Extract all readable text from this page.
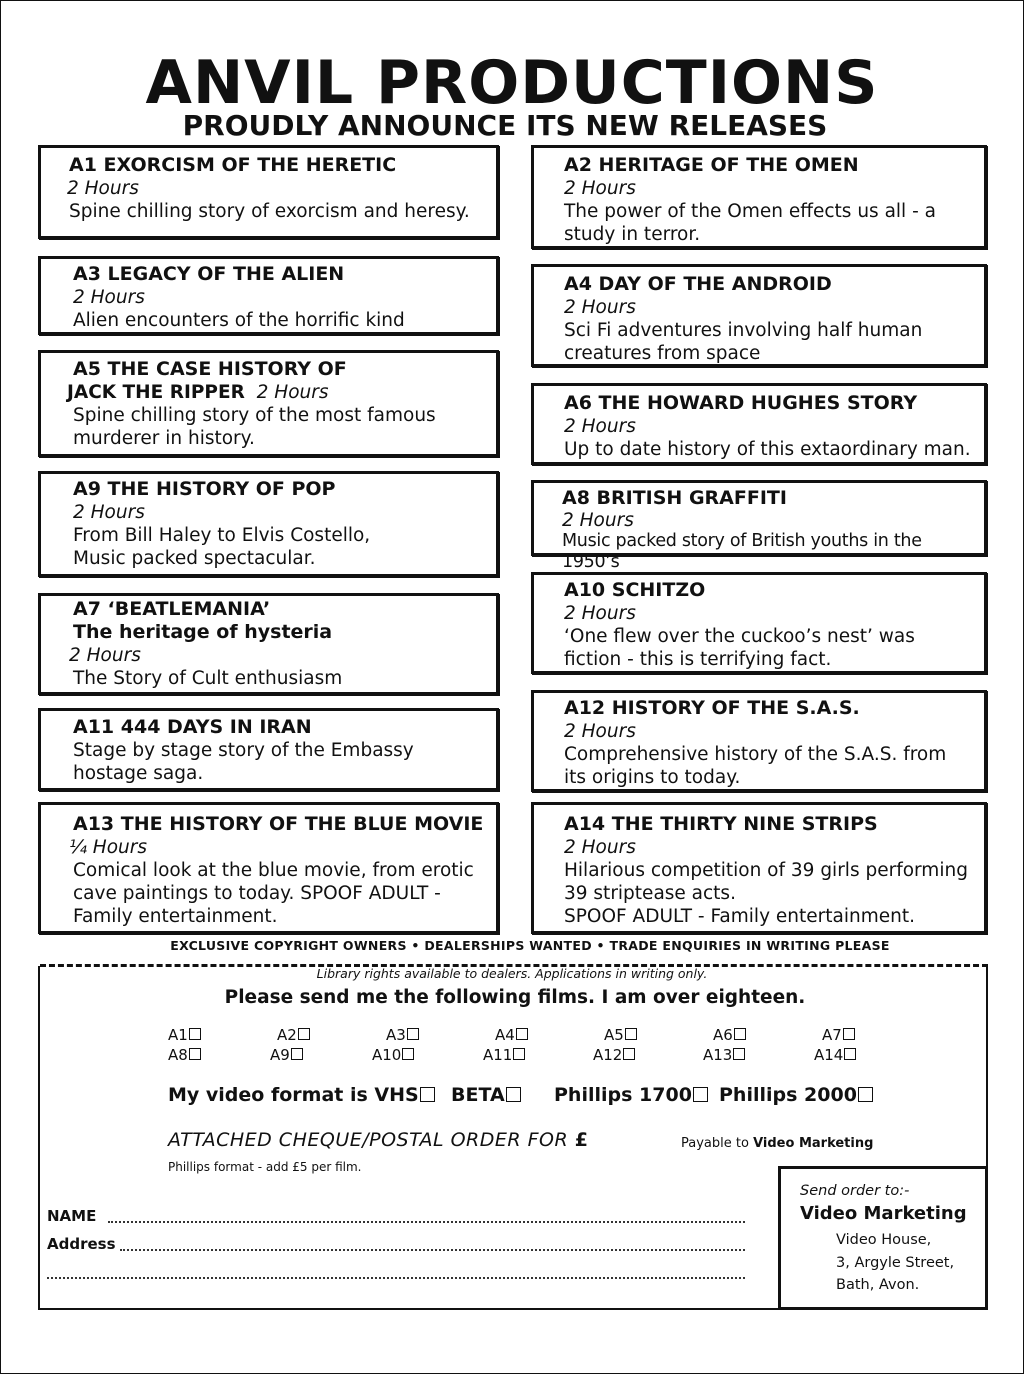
ANVIL PRODUCTIONS
PROUDLY ANNOUNCE ITS NEW RELEASES
A1 EXORCISM OF THE HERETIC
2 Hours
Spine chilling story of exorcism and heresy.
A3 LEGACY OF THE ALIEN
2 Hours
Alien encounters of the horrific kind
A5 THE CASE HISTORY OF
JACK THE RIPPER 2 Hours
Spine chilling story of the most famous
murderer in history.
A9 THE HISTORY OF POP
2 Hours
From Bill Haley to Elvis Costello,
Music packed spectacular.
A7 ‘BEATLEMANIA’
The heritage of hysteria
2 Hours
The Story of Cult enthusiasm
A11 444 DAYS IN IRAN
Stage by stage story of the Embassy
hostage saga.
A13 THE HISTORY OF THE BLUE MOVIE
¼ Hours
Comical look at the blue movie, from erotic
cave paintings to today. SPOOF ADULT -
Family entertainment.
A2 HERITAGE OF THE OMEN
2 Hours
The power of the Omen effects us all - a
study in terror.
A4 DAY OF THE ANDROID
2 Hours
Sci Fi adventures involving half human
creatures from space
A6 THE HOWARD HUGHES STORY
2 Hours
Up to date history of this extaordinary man.
A8 BRITISH GRAFFITI
2 Hours
Music packed story of British youths in the 1950’s
A10 SCHITZO
2 Hours
‘One flew over the cuckoo’s nest’ was
fiction - this is terrifying fact.
A12 HISTORY OF THE S.A.S.
2 Hours
Comprehensive history of the S.A.S. from
its origins to today.
A14 THE THIRTY NINE STRIPS
2 Hours
Hilarious competition of 39 girls performing
39 striptease acts.
SPOOF ADULT - Family entertainment.
EXCLUSIVE COPYRIGHT OWNERS • DEALERSHIPS WANTED • TRADE ENQUIRIES IN WRITING PLEASE
Library rights available to dealers. Applications in writing only.
Please send me the following films. I am over eighteen.
A1	A2	A3	A4	A5	A6	A7
A8	A9	A10	A11	A12	A13	A14
My video format is VHS	BETA	Phillips 1700	Phillips 2000
ATTACHED CHEQUE/POSTAL ORDER FOR £	Payable to Video Marketing
Phillips format - add £5 per film.
NAME
Address
Send order to:-
Video Marketing
Video House,
3, Argyle Street,
Bath, Avon.
